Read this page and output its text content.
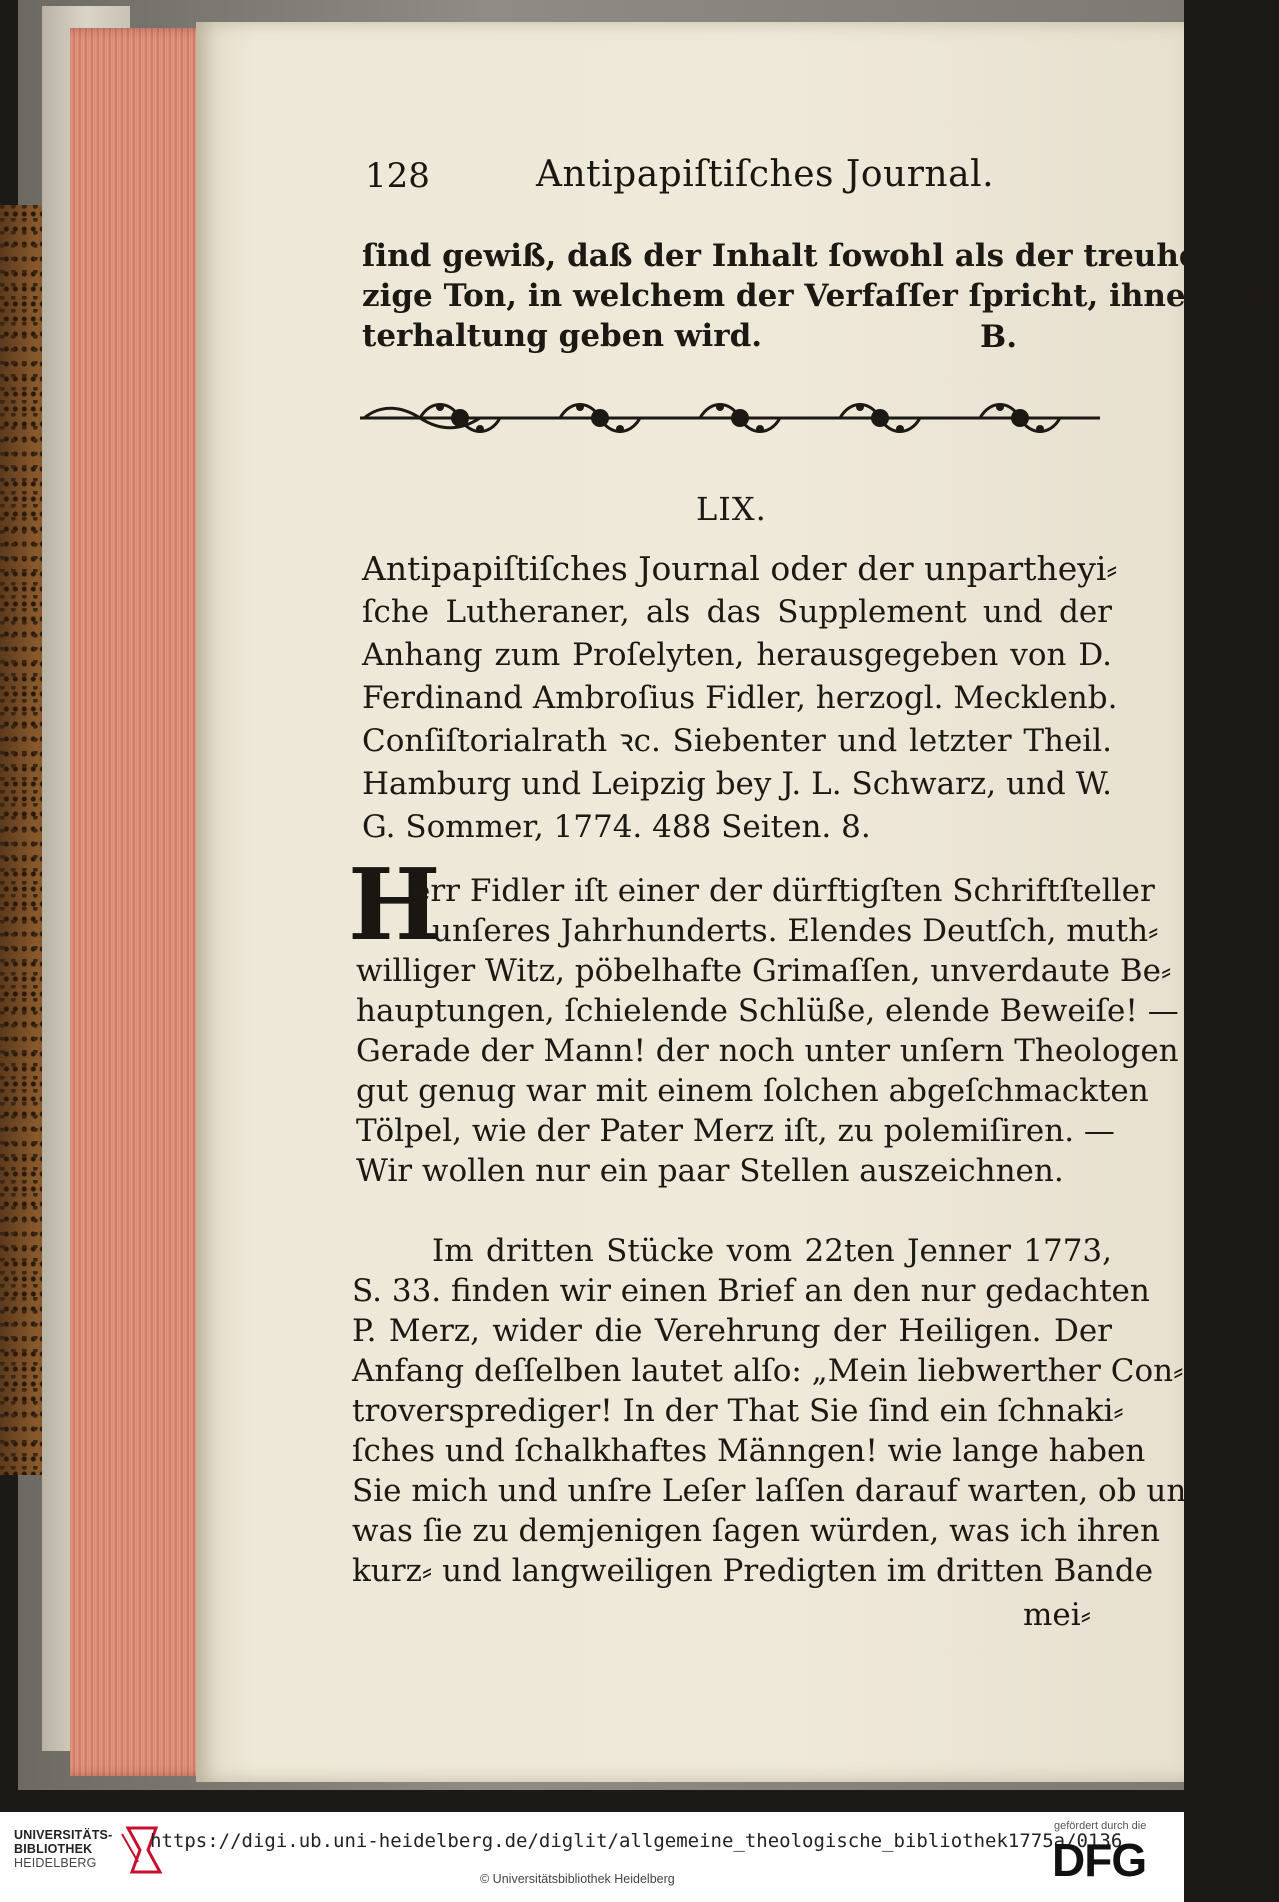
128	Antipapiſtiſches Journal.
ſind gewiß, daß der Inhalt ſowohl als der treuher⸗
zige Ton, in welchem der Verfaſſer ſpricht, ihnen Un⸗
terhaltung geben wird.	B.
LIX.
Antipapiſtiſches Journal oder der unpartheyi⸗
ſche Lutheraner, als das Supplement und der
Anhang zum Proſelyten, herausgegeben von D.
Ferdinand Ambroſius Fidler, herzogl. Mecklenb.
Conſiſtorialrath ꝛc. Siebenter und letzter Theil.
Hamburg und Leipzig bey J. L. Schwarz, und W.
G. Sommer, 1774. 488 Seiten. 8.
H
err Fidler iſt einer der dürftigſten Schriftſteller
unſeres Jahrhunderts. Elendes Deutſch, muth⸗
williger Witz, pöbelhafte Grimaſſen, unverdaute Be⸗
hauptungen, ſchielende Schlüße, elende Beweiſe! —
Gerade der Mann! der noch unter unſern Theologen
gut genug war mit einem ſolchen abgeſchmackten
Tölpel, wie der Pater Merz iſt, zu polemiſiren. —
Wir wollen nur ein paar Stellen auszeichnen.
Im dritten Stücke vom 22ten Jenner 1773,
S. 33. finden wir einen Brief an den nur gedachten
P. Merz, wider die Verehrung der Heiligen. Der
Anfang deſſelben lautet alſo: „Mein liebwerther Con⸗
troversprediger! In der That Sie ſind ein ſchnaki⸗
ſches und ſchalkhaftes Männgen! wie lange haben
Sie mich und unſre Leſer laſſen darauf warten, ob und
was ſie zu demjenigen ſagen würden, was ich ihren
kurz⸗ und langweiligen Predigten im dritten Bande
mei⸗
UNIVERSITÄTS-
BIBLIOTHEK
HEIDELBERG
https://digi.ub.uni-heidelberg.de/diglit/allgemeine_theologische_bibliothek1775a/0136
© Universitätsbibliothek Heidelberg
gefördert durch die
DFG
